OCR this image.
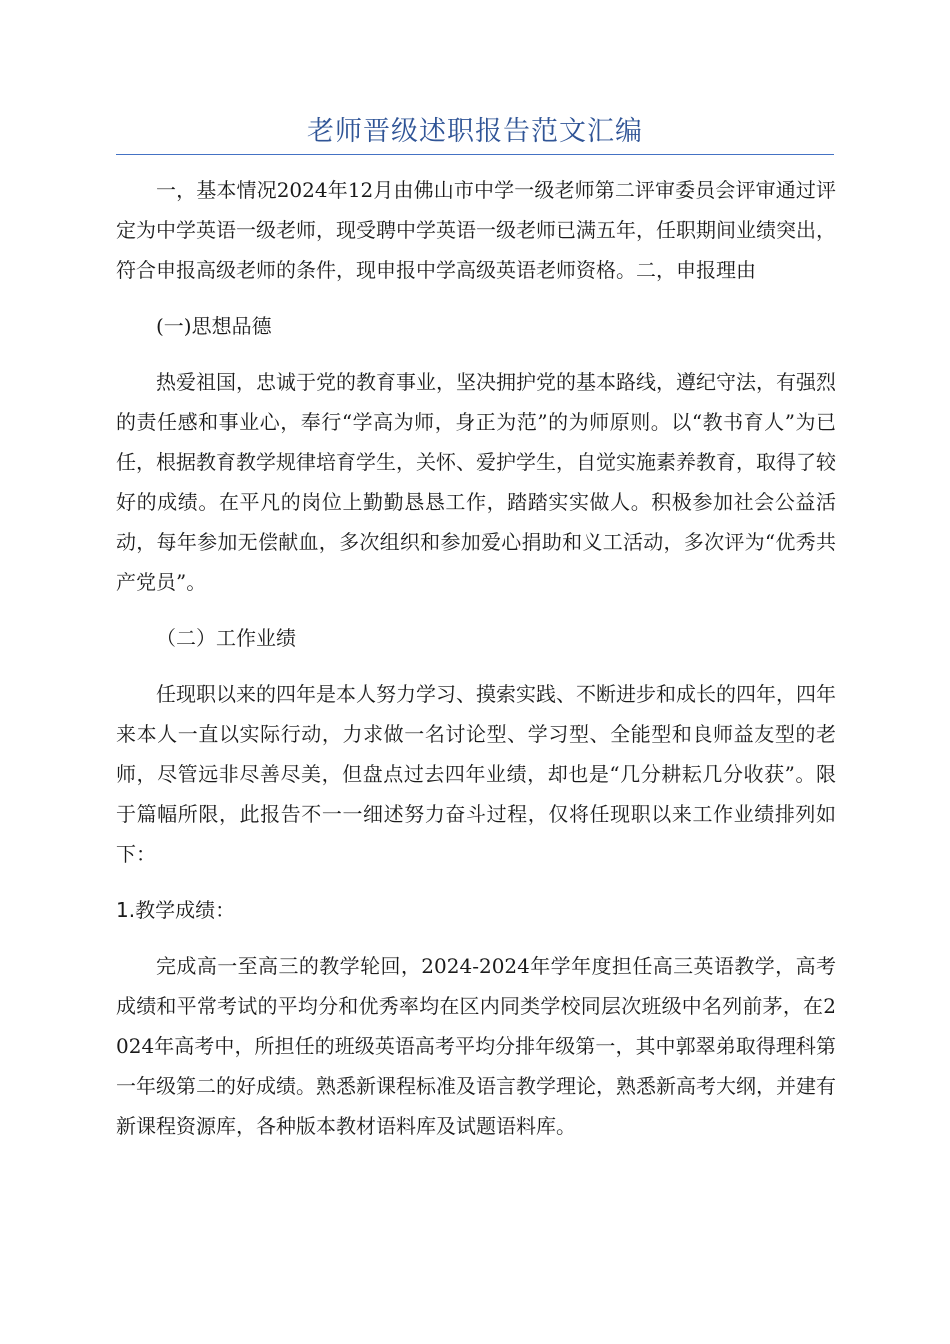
老师晋级述职报告范文汇编

一，基本情况2024年12月由佛山市中学一级老师第二评审委员会评审通过评定为中学英语一级老师，现受聘中学英语一级老师已满五年，任职期间业绩突出，符合申报高级老师的条件，现申报中学高级英语老师资格。二，申报理由

(一)思想品德

热爱祖国，忠诚于党的教育事业，坚决拥护党的基本路线，遵纪守法，有强烈的责任感和事业心，奉行“学高为师，身正为范”的为师原则。以“教书育人”为已任，根据教育教学规律培育学生，关怀、爱护学生，自觉实施素养教育，取得了较好的成绩。在平凡的岗位上勤勤恳恳工作，踏踏实实做人。积极参加社会公益活动，每年参加无偿献血，多次组织和参加爱心捐助和义工活动，多次评为“优秀共产党员”。

（二）工作业绩

任现职以来的四年是本人努力学习、摸索实践、不断进步和成长的四年，四年来本人一直以实际行动，力求做一名讨论型、学习型、全能型和良师益友型的老师，尽管远非尽善尽美，但盘点过去四年业绩，却也是“几分耕耘几分收获”。限于篇幅所限，此报告不一一细述努力奋斗过程，仅将任现职以来工作业绩排列如下：

1.教学成绩：

完成高一至高三的教学轮回，2024-2024年学年度担任高三英语教学，高考成绩和平常考试的平均分和优秀率均在区内同类学校同层次班级中名列前茅，在2024年高考中，所担任的班级英语高考平均分排年级第一，其中郭翠弟取得理科第一年级第二的好成绩。熟悉新课程标准及语言教学理论，熟悉新高考大纲，并建有新课程资源库，各种版本教材语料库及试题语料库。
